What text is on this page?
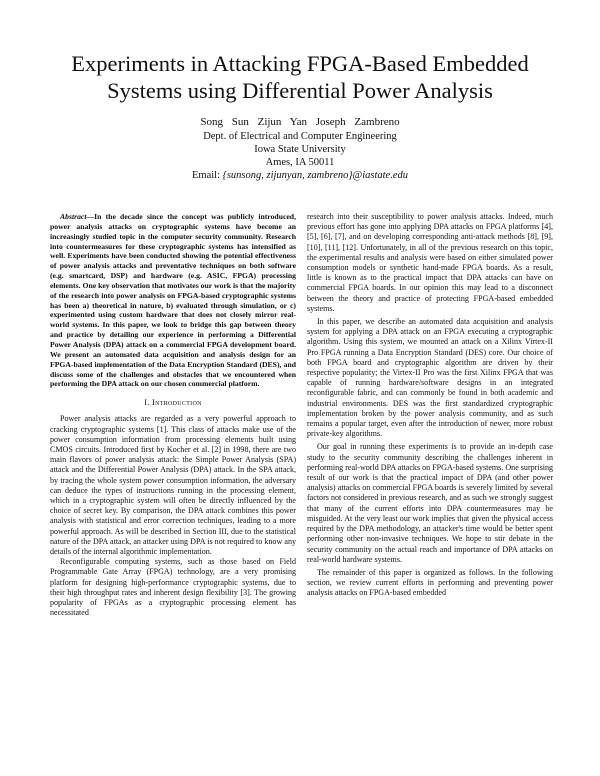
Experiments in Attacking FPGA-Based Embedded Systems using Differential Power Analysis
Song Sun Zijun Yan Joseph Zambreno
Dept. of Electrical and Computer Engineering
Iowa State University
Ames, IA 50011
Email: {sunsong, zijunyan, zambreno}@iastate.edu

Abstract—In the decade since the concept was publicly introduced, power analysis attacks on cryptographic systems have become an increasingly studied topic in the computer security community. Research into countermeasures for these cryptographic systems has intensified as well. Experiments have been conducted showing the potential effectiveness of power analysis attacks and preventative techniques on both software (e.g. smartcard, DSP) and hardware (e.g. ASIC, FPGA) processing elements. One key observation that motivates our work is that the majority of the research into power analysis on FPGA-based cryptographic systems has been a) theoretical in nature, b) evaluated through simulation, or c) experimented using custom hardware that does not closely mirror real-world systems. In this paper, we look to bridge this gap between theory and practice by detailing our experience in performing a Differential Power Analysis (DPA) attack on a commercial FPGA development board. We present an automated data acquisition and analysis design for an FPGA-based implementation of the Data Encryption Standard (DES), and discuss some of the challenges and obstacles that we encountered when performing the DPA attack on our chosen commercial platform.

I. Introduction

Power analysis attacks are regarded as a very powerful approach to cracking cryptographic systems [1]. This class of attacks make use of the power consumption information from processing elements built using CMOS circuits. Introduced first by Kocher et al. [2] in 1998, there are two main flavors of power analysis attack: the Simple Power Analysis (SPA) attack and the Differential Power Analysis (DPA) attack. In the SPA attack, by tracing the whole system power consumption information, the adversary can deduce the types of instructions running in the processing element, which in a cryptographic system will often be directly influenced by the choice of secret key. By comparison, the DPA attack combines this power analysis with statistical and error correction techniques, leading to a more powerful approach. As will be described in Section III, due to the statistical nature of the DPA attack, an attacker using DPA is not required to know any details of the internal algorithmic implementation.

Reconfigurable computing systems, such as those based on Field Programmable Gate Array (FPGA) technology, are a very promising platform for designing high-performance cryptographic systems, due to their high throughput rates and inherent design flexibility [3]. The growing popularity of FPGAs as a cryptographic processing element has necessitated

research into their susceptibility to power analysis attacks. Indeed, much previous effort has gone into applying DPA attacks on FPGA platforms [4], [5], [6], [7], and on developing corresponding anti-attack methods [8], [9], [10], [11], [12]. Unfortunately, in all of the previous research on this topic, the experimental results and analysis were based on either simulated power consumption models or synthetic hand-made FPGA boards. As a result, little is known as to the practical impact that DPA attacks can have on commercial FPGA boards. In our opinion this may lead to a disconnect between the theory and practice of protecting FPGA-based embedded systems.

In this paper, we describe an automated data acquisition and analysis system for applying a DPA attack on an FPGA executing a cryptographic algorithm. Using this system, we mounted an attack on a Xilinx Virtex-II Pro FPGA running a Data Encryption Standard (DES) core. Our choice of both FPGA board and cryptographic algorithm are driven by their respective popularity; the Virtex-II Pro was the first Xilinx FPGA that was capable of running hardware/software designs in an integrated reconfigurable fabric, and can commonly be found in both academic and industrial environments. DES was the first standardized cryptographic implementation broken by the power analysis community, and as such remains a popular target, even after the introduction of newer, more robust private-key algorithms.

Our goal in running these experiments is to provide an in-depth case study to the security community describing the challenges inherent in performing real-world DPA attacks on FPGA-based systems. One surprising result of our work is that the practical impact of DPA (and other power analysis) attacks on commercial FPGA boards is severely limited by several factors not considered in previous research, and as such we strongly suggest that many of the current efforts into DPA countermeasures may be misguided. At the very least our work implies that given the physical access required by the DPA methodology, an attacker's time would be better spent performing other non-invasive techniques. We hope to stir debate in the security community on the actual reach and importance of DPA attacks on real-world hardware systems.

The remainder of this paper is organized as follows. In the following section, we review current efforts in performing and preventing power analysis attacks on FPGA-based embedded
